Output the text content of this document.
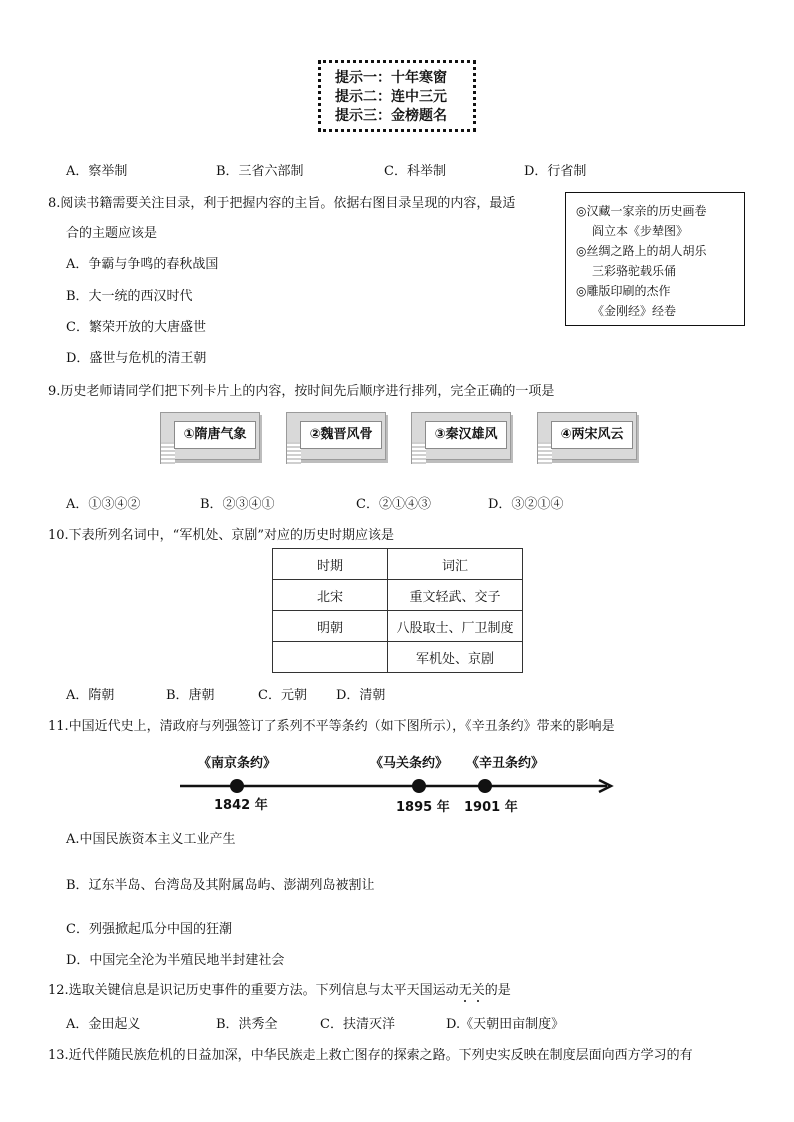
提示一：十年寒窗
提示二：连中三元
提示三：金榜题名
A．察举制	B．三省六部制	C．科举制	D．行省制
8.阅读书籍需要关注目录，利于把握内容的主旨。依据右图目录呈现的内容，最适
合的主题应该是
A．争霸与争鸣的春秋战国
B．大一统的西汉时代
C．繁荣开放的大唐盛世
D．盛世与危机的清王朝
◎汉藏一家亲的历史画卷
阎立本《步辇图》
◎丝绸之路上的胡人胡乐
三彩骆驼载乐俑
◎雕版印刷的杰作
《金刚经》经卷
9.历史老师请同学们把下列卡片上的内容，按时间先后顺序进行排列，完全正确的一项是
①隋唐气象	②魏晋风骨	③秦汉雄风	④两宋风云
A．①③④②	B．②③④①	C．②①④③	D．③②①④
10.下表所列名词中，“军机处、京剧”对应的历史时期应该是
时期	词汇
北宋	重文轻武、交子
明朝	八股取士、厂卫制度
	军机处、京剧
A．隋朝	B．唐朝	C．元朝 D．清朝
11.中国近代史上，清政府与列强签订了系列不平等条约（如下图所示），《辛丑条约》带来的影响是
《南京条约》	《马关条约》 《辛丑条约》
1842 年	1895 年 1901 年
A.中国民族资本主义工业产生
B．辽东半岛、台湾岛及其附属岛屿、澎湖列岛被割让
C．列强掀起瓜分中国的狂潮
D．中国完全沦为半殖民地半封建社会
12.选取关键信息是识记历史事件的重要方法。下列信息与太平天国运动无关的是
A．金田起义	B．洪秀全	C．扶清灭洋	D.《天朝田亩制度》
13.近代伴随民族危机的日益加深，中华民族走上救亡图存的探索之路。下列史实反映在制度层面向西方学习的有
